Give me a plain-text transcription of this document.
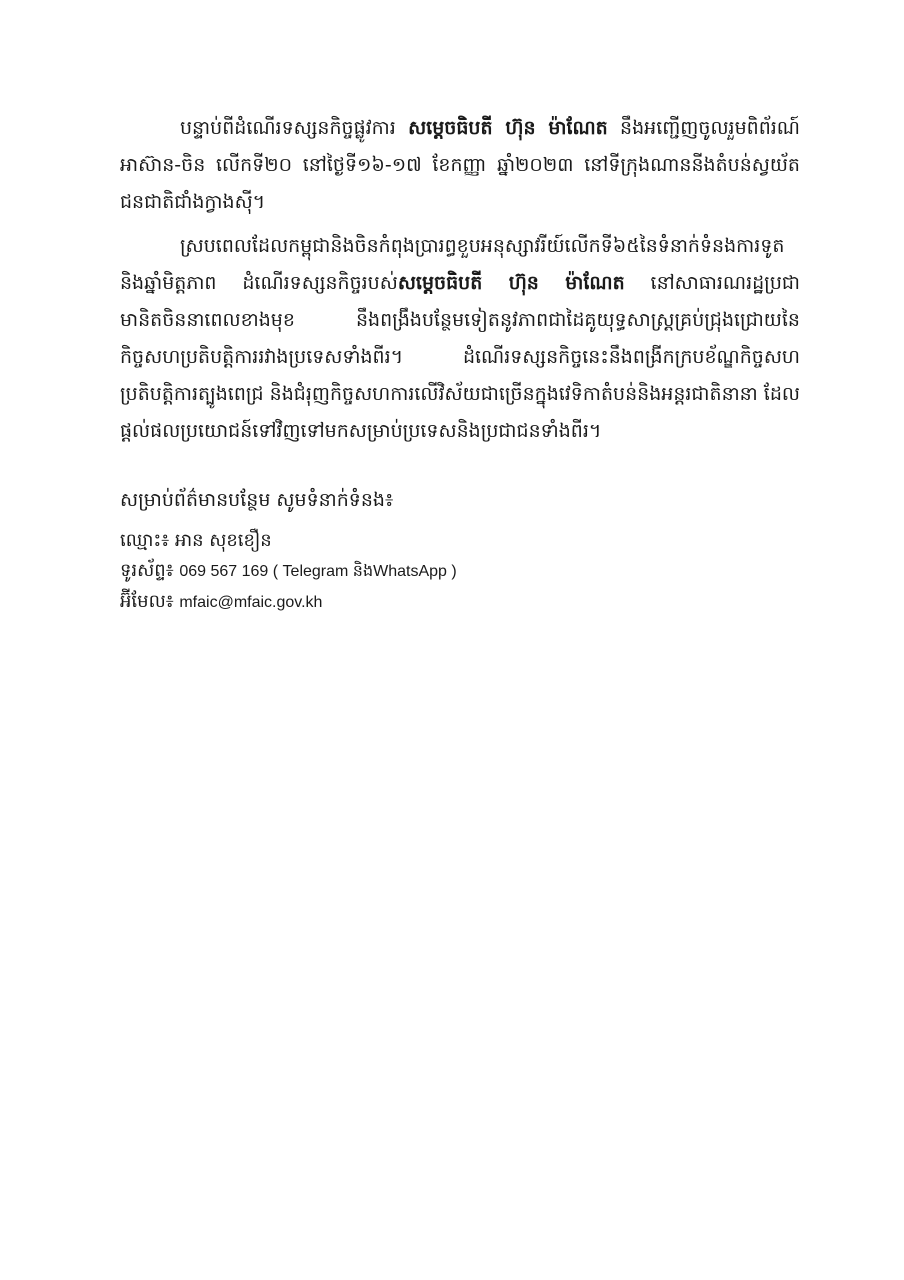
បន្ទាប់ពីដំណើរទស្សនកិច្ចផ្លូវការ សម្តេចធិបតី ហ៊ុន ម៉ាណែត នឹងអញ្ជើញចូលរួមពិព័រណ៍ អាស៊ាន-ចិន លើកទី២០ នៅថ្ងៃទី១៦-១៧ ខែកញ្ញា ឆ្នាំ២០២៣ នៅទីក្រុងណាននីងតំបន់ស្វយ័តជនជាតិជាំងក្វាងស៊ី។

ស្របពេលដែលកម្ពុជានិងចិនកំពុងប្រារព្ធខួបអនុស្សាវរីយ៍លើកទី៦៥នៃទំនាក់ទំនងការទូត និងឆ្នាំមិត្តភាព ដំណើរទស្សនកិច្ចរបស់សម្តេចធិបតី ហ៊ុន ម៉ាណែត នៅសាធារណរដ្ឋប្រជាមានិតចិននាពេលខាងមុខ នឹងពង្រឹងបន្ថែមទៀតនូវភាពជាដៃគូយុទ្ធសាស្ត្រគ្រប់ជ្រុងជ្រោយនៃកិច្ចសហប្រតិបត្តិការរវាងប្រទេសទាំងពីរ។ ដំណើរទស្សនកិច្ចនេះនឹងពង្រីកក្របខ័ណ្ឌកិច្ចសហប្រតិបត្តិការត្បូងពេជ្រ និងជំរុញកិច្ចសហការលើវិស័យជាច្រើនក្នុងវេទិកាតំបន់និងអន្តរជាតិនានា ដែលផ្តល់ផលប្រយោជន៍ទៅវិញទៅមកសម្រាប់ប្រទេសនិងប្រជាជនទាំងពីរ។

សម្រាប់ព័ត៌មានបន្ថែម សូមទំនាក់ទំនង៖

ឈ្មោះ៖ អាន សុខខឿន

ទូរស័ព្ទ៖ 069 567 169 ( Telegram និងWhatsApp )

អ៊ីមែល៖ mfaic@mfaic.gov.kh
